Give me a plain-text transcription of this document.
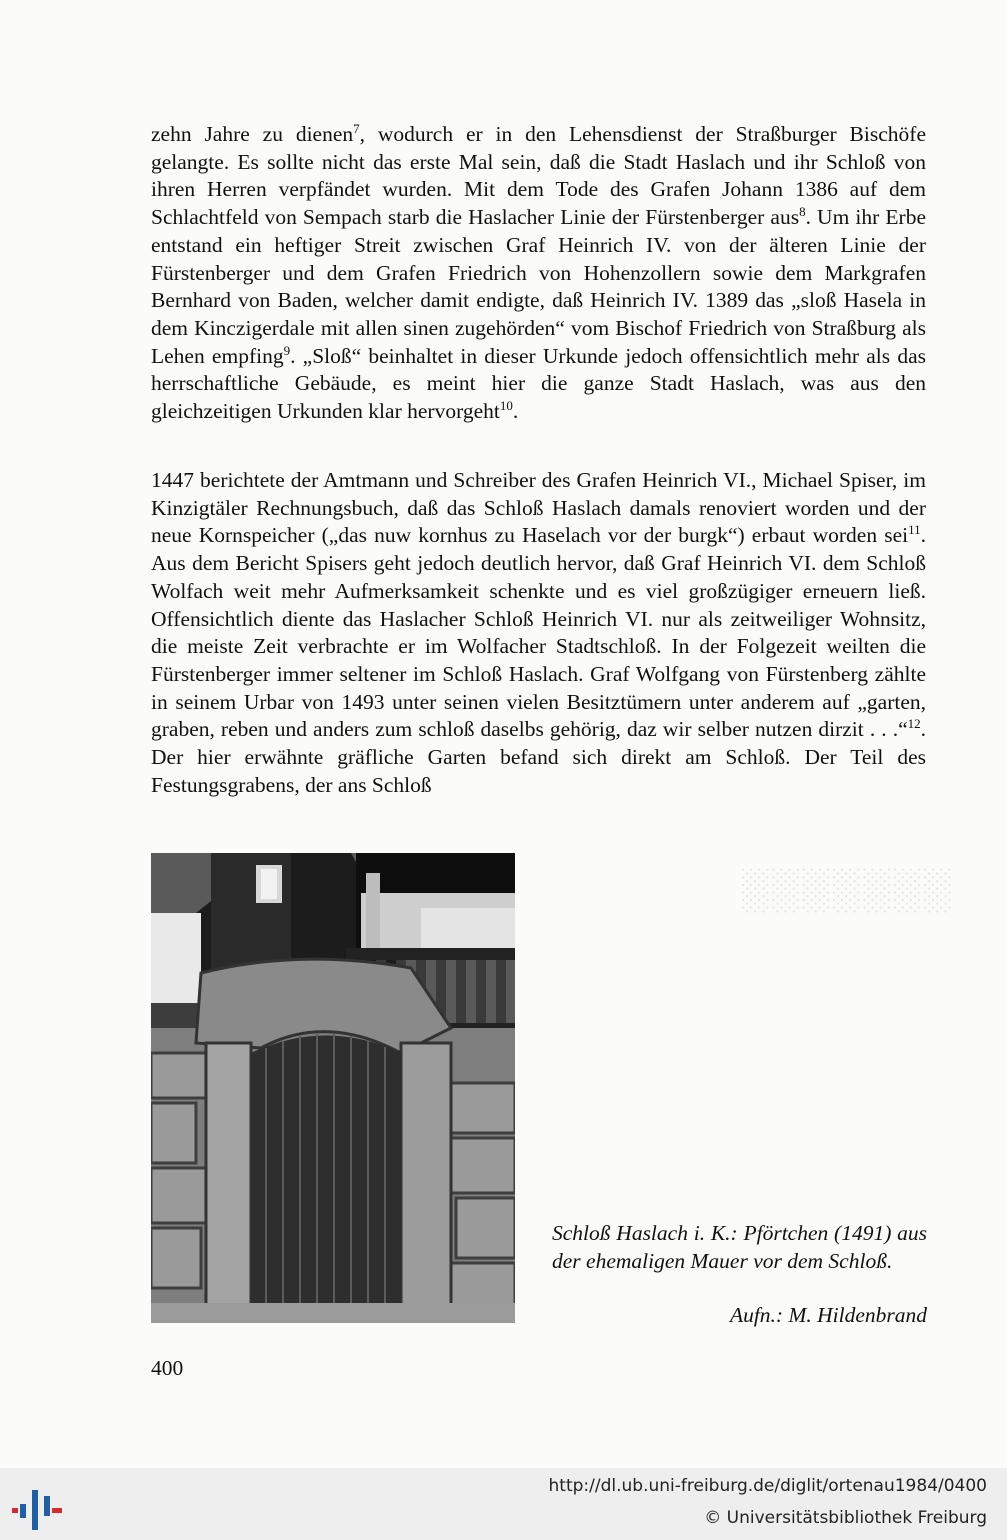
░░░░░░░

zehn Jahre zu dienen$^7$, wodurch er in den Lehensdienst der Straßburger Bischöfe gelangte. Es sollte nicht das erste Mal sein, daß die Stadt Haslach und ihr Schloß von ihren Herren verpfändet wurden. Mit dem Tode des Grafen Johann 1386 auf dem Schlachtfeld von Sempach starb die Haslacher Linie der Fürstenberger aus$^8$. Um ihr Erbe entstand ein heftiger Streit zwischen Graf Heinrich IV. von der älteren Linie der Fürstenberger und dem Grafen Friedrich von Hohenzollern sowie dem Markgrafen Bernhard von Baden, welcher damit endigte, daß Heinrich IV. 1389 das „sloß Hasela in dem Kinczigerdale mit allen sinen zugehörden“ vom Bischof Friedrich von Straßburg als Lehen empfing$^9$. „Sloß“ beinhaltet in dieser Urkunde jedoch offensichtlich mehr als das herrschaftliche Gebäude, es meint hier die ganze Stadt Haslach, was aus den gleichzeitigen Urkunden klar hervorgeht$^{10}$.

1447 berichtete der Amtmann und Schreiber des Grafen Heinrich VI., Michael Spiser, im Kinzigtäler Rechnungsbuch, daß das Schloß Haslach damals renoviert worden und der neue Kornspeicher („das nuw kornhus zu Haselach vor der burgk“) erbaut worden sei$^{11}$. Aus dem Bericht Spisers geht jedoch deutlich hervor, daß Graf Heinrich VI. dem Schloß Wolfach weit mehr Aufmerksamkeit schenkte und es viel großzügiger erneuern ließ. Offensichtlich diente das Haslacher Schloß Heinrich VI. nur als zeitweiliger Wohnsitz, die meiste Zeit verbrachte er im Wolfacher Stadtschloß. In der Folgezeit weilten die Fürstenberger immer seltener im Schloß Haslach. Graf Wolfgang von Fürstenberg zählte in seinem Urbar von 1493 unter seinen vielen Besitztümern unter anderem auf „garten, graben, reben und anders zum schloß daselbs gehörig, daz wir selber nutzen dirzit . . .“$^{12}$. Der hier erwähnte gräfliche Garten befand sich direkt am Schloß. Der Teil des Festungsgrabens, der ans Schloß

Schloß Haslach i. K.: Pförtchen (1491) aus der ehemaligen Mauer vor dem Schloß.

Aufn.: M. Hildenbrand
400
http://dl.ub.uni-freiburg.de/diglit/ortenau1984/0400
© Universitätsbibliothek Freiburg
